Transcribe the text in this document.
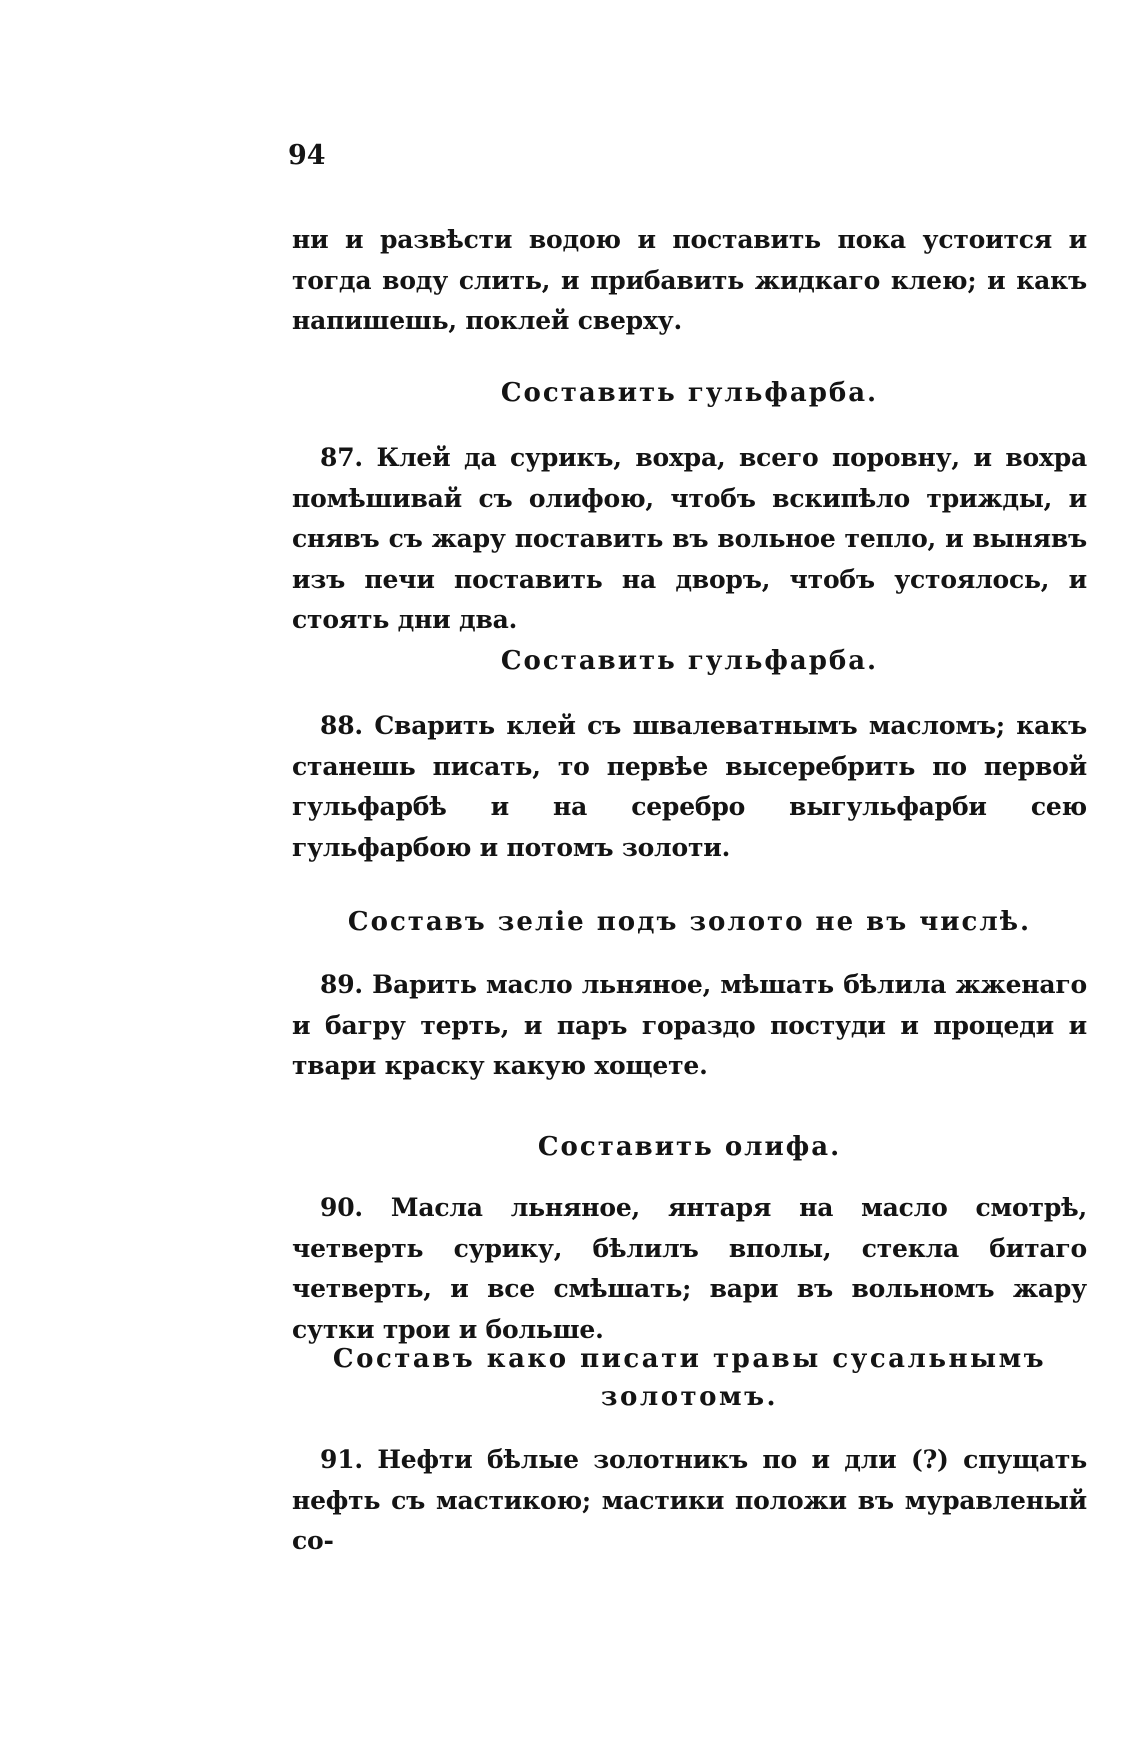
94

ни и развѣсти водою и поставить пока устоится и тогда воду слить, и прибавить жидкаго клею; и какъ напишешь, поклей сверху.

Составить гульфарба.

87. Клей да сурикъ, вохра, всего поровну, и вохра помѣшивай съ олифою, чтобъ вскипѣло трижды, и снявъ съ жару поставить въ вольное тепло, и вынявъ изъ печи поставить на дворъ, чтобъ устоялось, и стоять дни два.

Составить гульфарба.

88. Сварить клей съ швалеватнымъ масломъ; какъ станешь писать, то первѣе высеребрить по первой гульфарбѣ и на серебро выгульфарби сею гульфарбою и потомъ золоти.

Составъ зеліе подъ золото не въ числѣ.

89. Варить масло льняное, мѣшать бѣлила жженаго и багру терть, и паръ гораздо постуди и процеди и твари краску какую хощете.

Составить олифа.

90. Масла льняное, янтаря на масло смотрѣ, четверть сурику, бѣлилъ вполы, стекла битаго четверть, и все смѣшать; вари въ вольномъ жару сутки трои и больше.

Составъ како писати травы сусальнымъ золотомъ.

91. Нефти бѣлые золотникъ по и дли (?) спущать нефть съ мастикою; мастики положи въ муравленый со-
